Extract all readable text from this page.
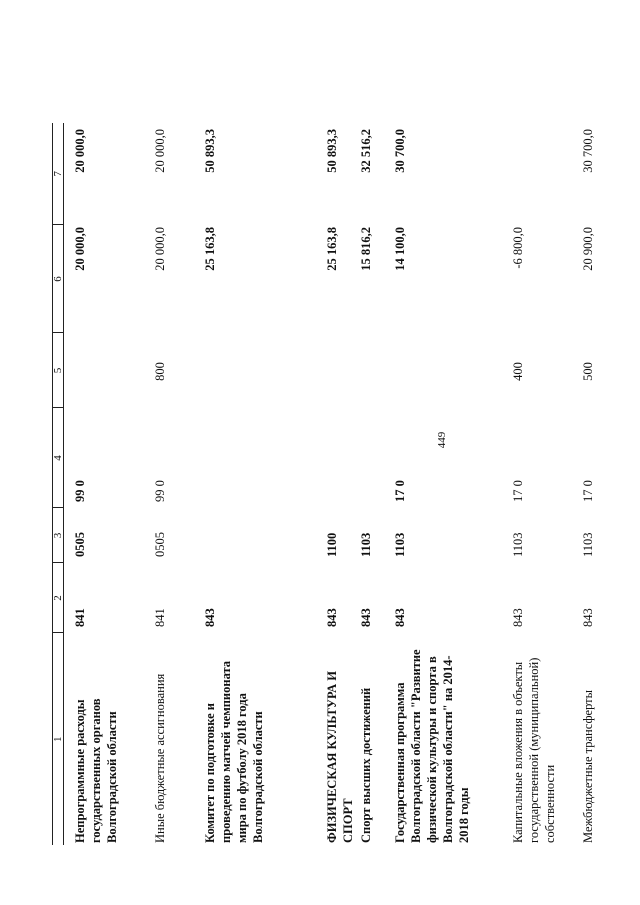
449
1	2	3	4	5	6	7

Непрограммные расходы государственных органов Волгоградской области	841	0505	99 0		20 000,0	20 000,0
Иные бюджетные ассигнования	841	0505	99 0	800	20 000,0	20 000,0
Комитет по подготовке и проведению матчей чемпионата мира по футболу 2018 года Волгоградской области	843				25 163,8	50 893,3
ФИЗИЧЕСКАЯ КУЛЬТУРА И СПОРТ	843	1100			25 163,8	50 893,3
Спорт высших достижений	843	1103			15 816,2	32 516,2
Государственная программа Волгоградской области "Развитие физической культуры и спорта в Волгоградской области" на 2014-2018 годы	843	1103	17 0		14 100,0	30 700,0
Капитальные вложения в объекты государственной (муниципальной) собственности	843	1103	17 0	400	-6 800,0	
Межбюджетные трансферты	843	1103	17 0	500	20 900,0	30 700,0
